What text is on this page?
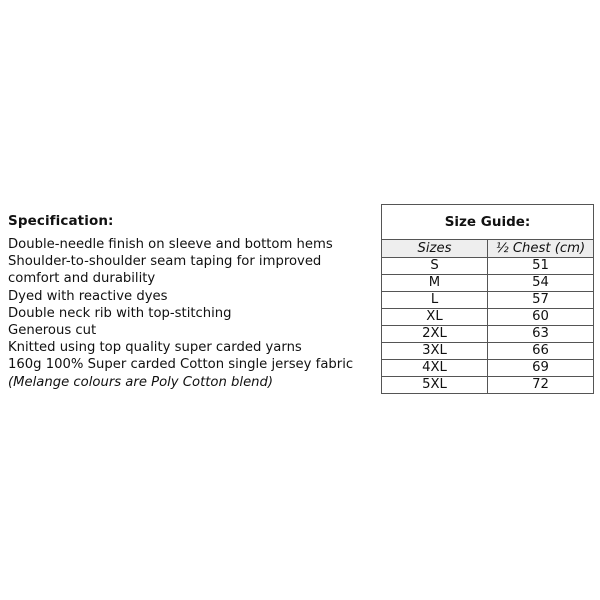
Specification:
Double-needle finish on sleeve and bottom hems
Shoulder-to-shoulder seam taping for improved
comfort and durability
Dyed with reactive dyes
Double neck rib with top-stitching
Generous cut
Knitted using top quality super carded yarns
160g 100% Super carded Cotton single jersey fabric
(Melange colours are Poly Cotton blend)
Size Guide:	
Sizes	½ Chest (cm)
S	51
M	54
L	57
XL	60
2XL	63
3XL	66
4XL	69
5XL	72
